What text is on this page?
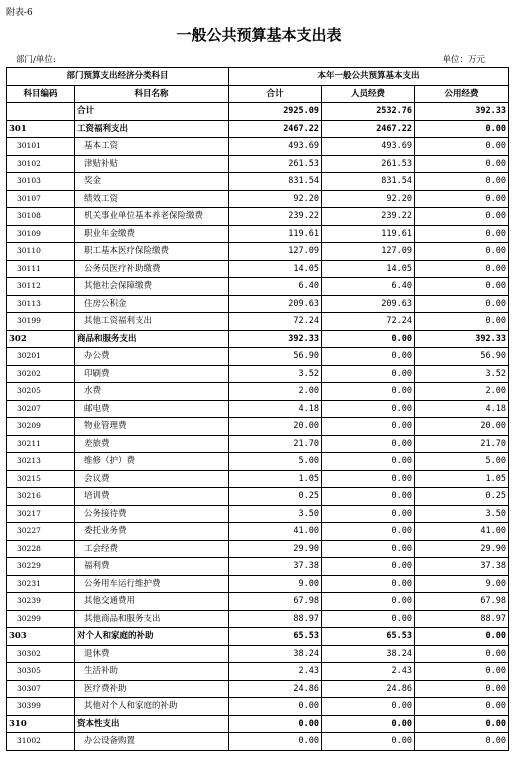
附表-6
一般公共预算基本支出表
部门/单位:	单位：万元
部门预算支出经济分类科目		本年一般公共预算基本支出		
科目编码	科目名称	合计	人员经费	公用经费
	合计	2925.09	2532.76	392.33
301	工资福利支出	2467.22	2467.22	0.00
30101	基本工资	493.69	493.69	0.00
30102	津贴补贴	261.53	261.53	0.00
30103	奖金	831.54	831.54	0.00
30107	绩效工资	92.20	92.20	0.00
30108	机关事业单位基本养老保险缴费	239.22	239.22	0.00
30109	职业年金缴费	119.61	119.61	0.00
30110	职工基本医疗保险缴费	127.09	127.09	0.00
30111	公务员医疗补助缴费	14.05	14.05	0.00
30112	其他社会保障缴费	6.40	6.40	0.00
30113	住房公积金	209.63	209.63	0.00
30199	其他工资福利支出	72.24	72.24	0.00
302	商品和服务支出	392.33	0.00	392.33
30201	办公费	56.90	0.00	56.90
30202	印刷费	3.52	0.00	3.52
30205	水费	2.00	0.00	2.00
30207	邮电费	4.18	0.00	4.18
30209	物业管理费	20.00	0.00	20.00
30211	差旅费	21.70	0.00	21.70
30213	维修（护）费	5.00	0.00	5.00
30215	会议费	1.05	0.00	1.05
30216	培训费	0.25	0.00	0.25
30217	公务接待费	3.50	0.00	3.50
30227	委托业务费	41.00	0.00	41.00
30228	工会经费	29.90	0.00	29.90
30229	福利费	37.38	0.00	37.38
30231	公务用车运行维护费	9.00	0.00	9.00
30239	其他交通费用	67.98	0.00	67.98
30299	其他商品和服务支出	88.97	0.00	88.97
303	对个人和家庭的补助	65.53	65.53	0.00
30302	退休费	38.24	38.24	0.00
30305	生活补助	2.43	2.43	0.00
30307	医疗费补助	24.86	24.86	0.00
30399	其他对个人和家庭的补助	0.00	0.00	0.00
310	资本性支出	0.00	0.00	0.00
31002	办公设备购置	0.00	0.00	0.00
